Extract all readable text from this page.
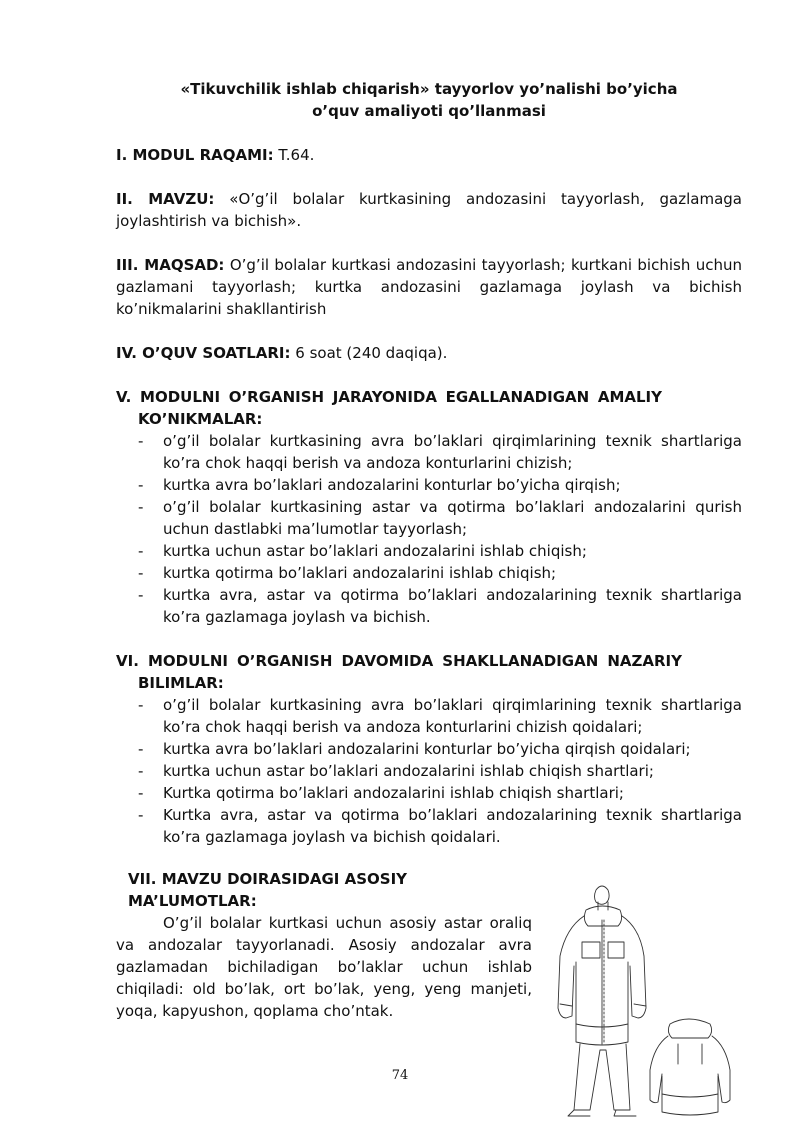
«Tikuvchilik ishlab chiqarish» tayyorlov yo’nalishi bo’yicha
o’quv amaliyoti qo’llanmasi
I. MODUL RAQAMI: T.64.
II. MAVZU: «O’g’il bolalar kurtkasining andozasini tayyorlash, gazlamaga joylashtirish va bichish».
III. MAQSAD: O’g’il bolalar kurtkasi andozasini tayyorlash; kurtkani bichish uchun gazlamani tayyorlash; kurtka andozasini gazlamaga joylash va bichish ko’nikmalarini shakllantirish
IV. O’QUV SOATLARI: 6 soat (240 daqiqa).
V. MODULNI O’RGANISH JARAYONIDA EGALLANADIGAN AMALIY
KO’NIKMALAR:
- o’g’il bolalar kurtkasining avra bo’laklari qirqimlarining texnik shartlariga ko’ra chok haqqi berish va andoza konturlarini chizish;
- kurtka avra bo’laklari andozalarini konturlar bo’yicha qirqish;
- o’g’il bolalar kurtkasining astar va qotirma bo’laklari andozalarini qurish uchun dastlabki ma’lumotlar tayyorlash;
- kurtka uchun astar bo’laklari andozalarini ishlab chiqish;
- kurtka qotirma bo’laklari andozalarini ishlab chiqish;
- kurtka avra, astar va qotirma bo’laklari andozalarining texnik shartlariga ko’ra gazlamaga joylash va bichish.
VI. MODULNI O’RGANISH DAVOMIDA SHAKLLANADIGAN NAZARIY
BILIMLAR:
- o’g’il bolalar kurtkasining avra bo’laklari qirqimlarining texnik shartlariga ko’ra chok haqqi berish va andoza konturlarini chizish qoidalari;
- kurtka avra bo’laklari andozalarini konturlar bo’yicha qirqish qoidalari;
- kurtka uchun astar bo’laklari andozalarini ishlab chiqish shartlari;
- Kurtka qotirma bo’laklari andozalarini ishlab chiqish shartlari;
- Kurtka avra, astar va qotirma bo’laklari andozalarining texnik shartlariga ko’ra gazlamaga joylash va bichish qoidalari.
VII. MAVZU DOIRASIDAGI ASOSIY MA’LUMOTLAR:
O’g’il bolalar kurtkasi uchun asosiy astar oraliq va andozalar tayyorlanadi. Asosiy andozalar avra gazlamadan bichiladigan bo’laklar uchun ishlab chiqiladi: old bo’lak, ort bo’lak, yeng, yeng manjeti, yoqa, kapyushon, qoplama cho’ntak.
74
